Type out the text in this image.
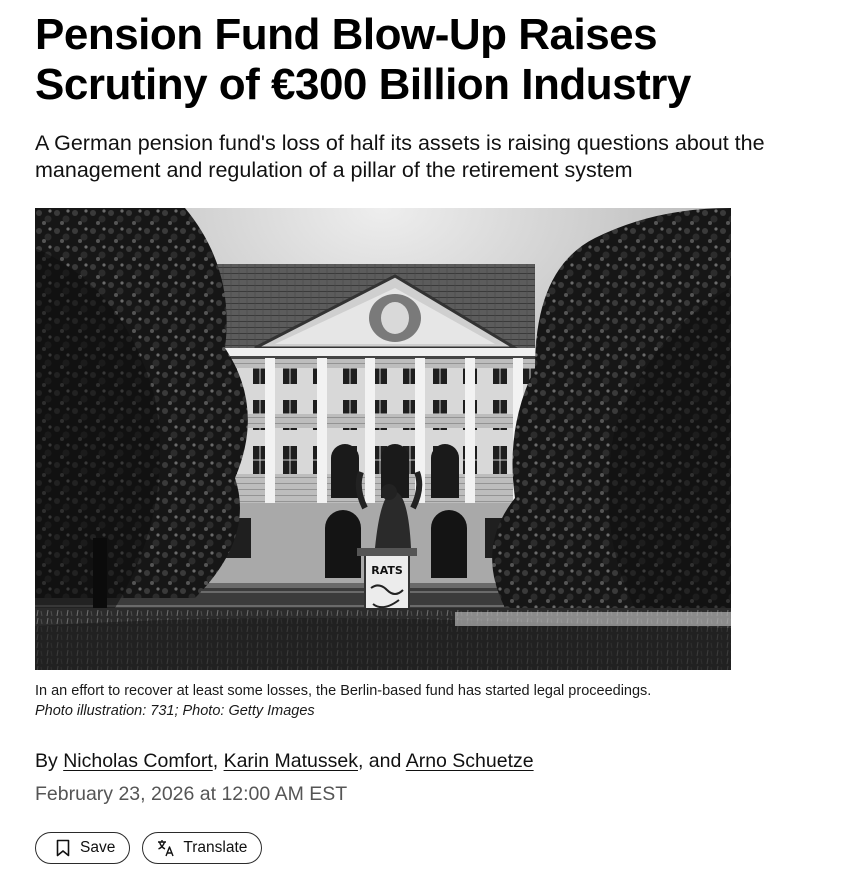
Pension Fund Blow-Up Raises Scrutiny of €300 Billion Industry

A German pension fund's loss of half its assets is raising questions about the management and regulation of a pillar of the retirement system

RATS

In an effort to recover at least some losses, the Berlin-based fund has started legal proceedings. Photo illustration: 731; Photo: Getty Images

By Nicholas Comfort, Karin Matussek, and Arno Schuetze
February 23, 2026 at 12:00 AM EST
Save	Translate
